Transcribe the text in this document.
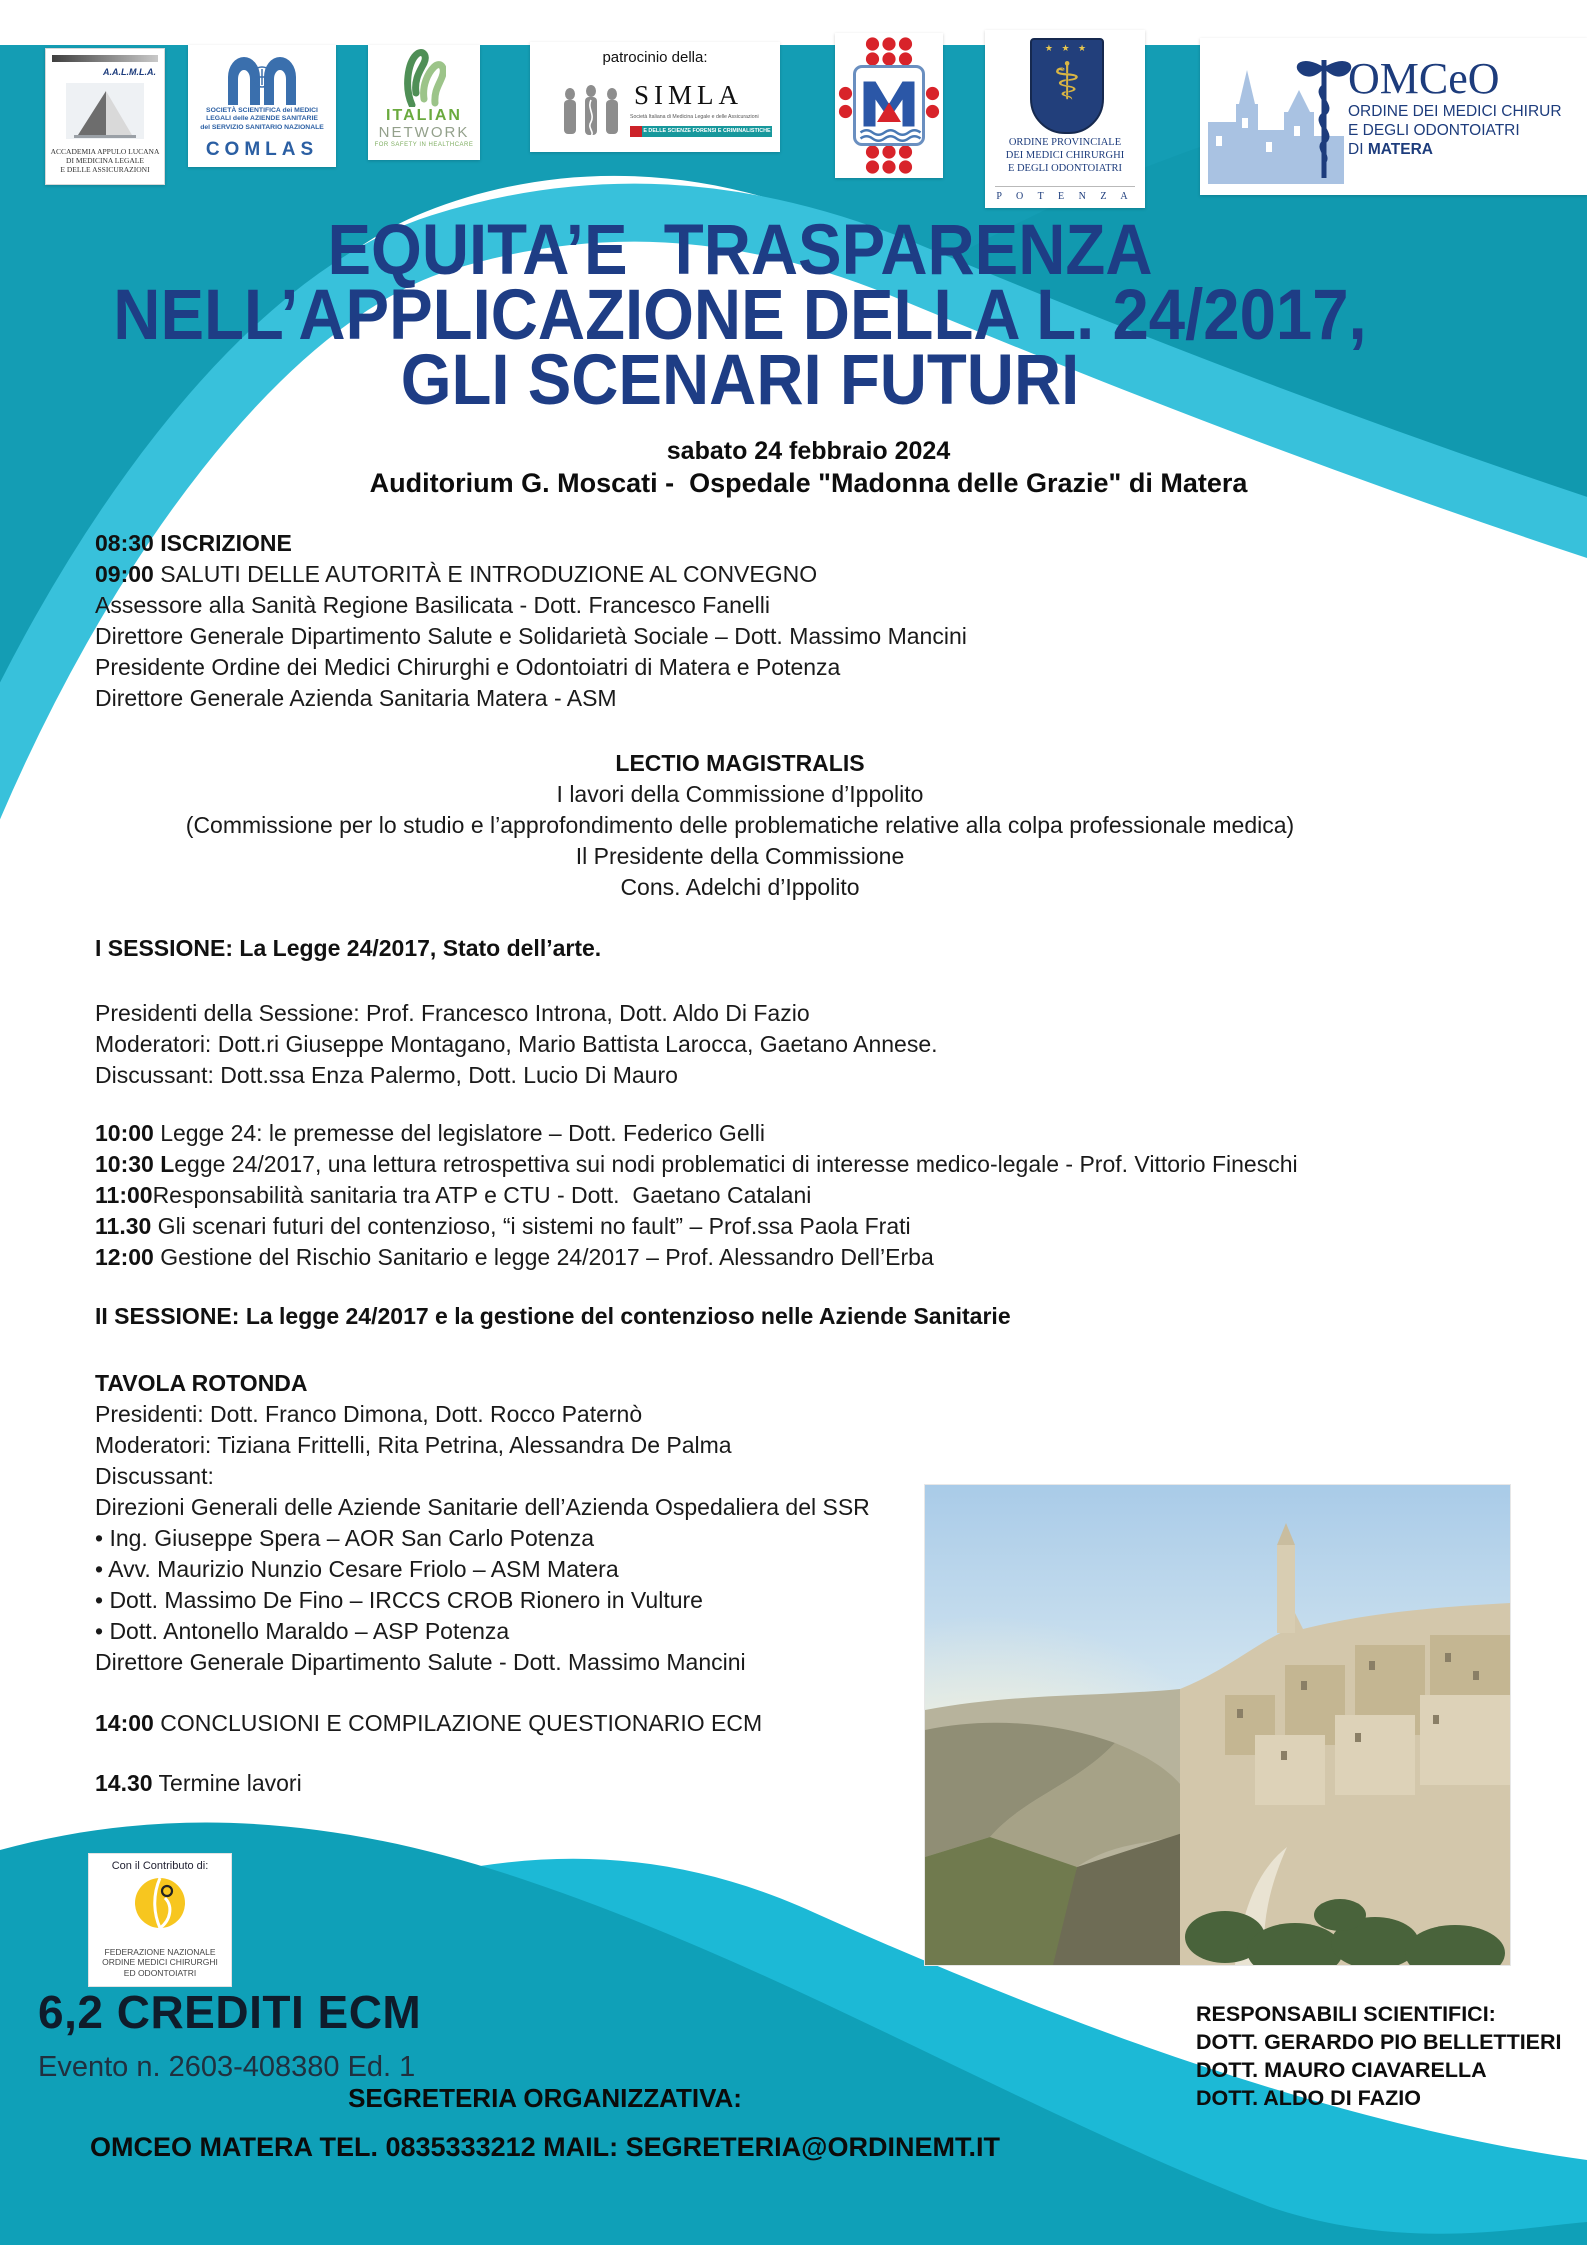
A.A.L.M.L.A.
ACCADEMIA APPULO LUCANA
DI MEDICINA LEGALE
E DELLE ASSICURAZIONI
SOCIETÀ SCIENTIFICA dei MEDICI
LEGALI delle AZIENDE SANITARIE
del SERVIZIO SANITARIO NAZIONALE
COMLAS
ITALIAN
NETWORK
FOR SAFETY IN HEALTHCARE
patrocinio della:
SIMLA
Società Italiana di Medicina Legale e delle Assicurazioni
E DELLE SCIENZE FORENSI E CRIMINALISTICHE
★ ★ ★
⚕
ORDINE PROVINCIALE
DEI MEDICI CHIRURGHI
E DEGLI ODONTOIATRI
P O T E N Z A
OMCeO
ORDINE DEI MEDICI CHIRUR
E DEGLI ODONTOIATRI
DI MATERA
EQUITA’E  TRASPARENZA
NELL’APPLICAZIONE DELLA L. 24/2017,
GLI SCENARI FUTURI
sabato 24 febbraio 2024
Auditorium G. Moscati -  Ospedale "Madonna delle Grazie" di Matera
08:30 ISCRIZIONE
09:00 SALUTI DELLE AUTORITÀ E INTRODUZIONE AL CONVEGNO
Assessore alla Sanità Regione Basilicata - Dott. Francesco Fanelli
Direttore Generale Dipartimento Salute e Solidarietà Sociale – Dott. Massimo Mancini
Presidente Ordine dei Medici Chirurghi e Odontoiatri di Matera e Potenza
Direttore Generale Azienda Sanitaria Matera - ASM
LECTIO MAGISTRALIS
I lavori della Commissione d’Ippolito
(Commissione per lo studio e l’approfondimento delle problematiche relative alla colpa professionale medica)
Il Presidente della Commissione
Cons. Adelchi d’Ippolito
I SESSIONE: La Legge 24/2017, Stato dell’arte.
Presidenti della Sessione: Prof. Francesco Introna, Dott. Aldo Di Fazio
Moderatori: Dott.ri Giuseppe Montagano, Mario Battista Larocca, Gaetano Annese.
Discussant: Dott.ssa Enza Palermo, Dott. Lucio Di Mauro
10:00 Legge 24: le premesse del legislatore – Dott. Federico Gelli
10:30 Legge 24/2017, una lettura retrospettiva sui nodi problematici di interesse medico-legale - Prof. Vittorio Fineschi
11:00Responsabilità sanitaria tra ATP e CTU - Dott.  Gaetano Catalani
11.30 Gli scenari futuri del contenzioso, “i sistemi no fault” – Prof.ssa Paola Frati
12:00 Gestione del Rischio Sanitario e legge 24/2017 – Prof. Alessandro Dell’Erba
II SESSIONE: La legge 24/2017 e la gestione del contenzioso nelle Aziende Sanitarie
TAVOLA ROTONDA
Presidenti: Dott. Franco Dimona, Dott. Rocco Paternò
Moderatori: Tiziana Frittelli, Rita Petrina, Alessandra De Palma
Discussant:
Direzioni Generali delle Aziende Sanitarie dell’Azienda Ospedaliera del SSR
• Ing. Giuseppe Spera – AOR San Carlo Potenza
• Avv. Maurizio Nunzio Cesare Friolo – ASM Matera
• Dott. Massimo De Fino – IRCCS CROB Rionero in Vulture
• Dott. Antonello Maraldo – ASP Potenza
Direttore Generale Dipartimento Salute - Dott. Massimo Mancini
14:00 CONCLUSIONI E COMPILAZIONE QUESTIONARIO ECM
14.30 Termine lavori
Con il Contributo di:
FEDERAZIONE NAZIONALE
ORDINE MEDICI CHIRURGHI
ED ODONTOIATRI
6,2 CREDITI ECM
Evento n. 2603-408380 Ed. 1
SEGRETERIA ORGANIZZATIVA:
OMCEO MATERA TEL. 0835333212 MAIL: SEGRETERIA@ORDINEMT.IT
RESPONSABILI SCIENTIFICI:
DOTT. GERARDO PIO BELLETTIERI
DOTT. MAURO CIAVARELLA
DOTT. ALDO DI FAZIO
